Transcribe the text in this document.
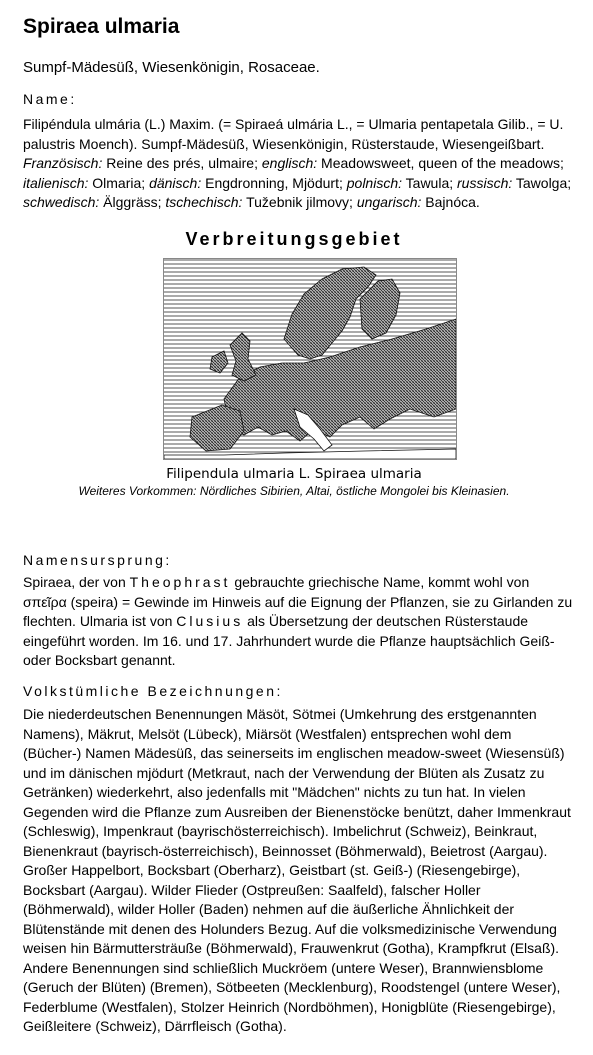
Spiraea ulmaria
Sumpf-Mädesüß, Wiesenkönigin, Rosaceae.
Name:

Filipéndula ulmária (L.) Maxim. (= Spiraeá ulmária L., = Ulmaria pentapetala Gilib., = U. palustris Moench). Sumpf-Mädesüß, Wiesenkönigin, Rüsterstaude, Wiesengeißbart.
Französisch: Reine des prés, ulmaire; englisch: Meadowsweet, queen of the meadows; italienisch: Olmaria; dänisch: Engdronning, Mjödurt; polnisch: Tawula; russisch: Tawolga; schwedisch: Älggräss; tschechisch: Tužebnik jilmovy; ungarisch: Bajnóca.

Verbreitungsgebiet
Filipendula ulmaria L. Spiraea ulmaria
Weiteres Vorkommen: Nördliches Sibirien, Altai, östliche Mongolei bis Kleinasien.
Namensursprung:

Spiraea, der von Theophrast gebrauchte griechische Name, kommt wohl von σπεῖρα (speira) = Gewinde im Hinweis auf die Eignung der Pflanzen, sie zu Girlanden zu flechten. Ulmaria ist von Clusius als Übersetzung der deutschen Rüsterstaude eingeführt worden. Im 16. und 17. Jahrhundert wurde die Pflanze hauptsächlich Geiß- oder Bocksbart genannt.

Volkstümliche Bezeichnungen:

Die niederdeutschen Benennungen Mäsöt, Sötmei (Umkehrung des erstgenannten Namens), Mäkrut, Melsöt (Lübeck), Miärsöt (Westfalen) entsprechen wohl dem (Bücher-) Namen Mädesüß, das seinerseits im englischen meadow-sweet (Wiesensüß) und im dänischen mjödurt (Metkraut, nach der Verwendung der Blüten als Zusatz zu Getränken) wiederkehrt, also jedenfalls mit "Mädchen" nichts zu tun hat. In vielen Gegenden wird die Pflanze zum Ausreiben der Bienenstöcke benützt, daher Immenkraut (Schleswig), Impenkraut (bayrischösterreichisch). Imbelichrut (Schweiz), Beinkraut, Bienenkraut (bayrisch-österreichisch), Beinnosset (Böhmerwald), Beietrost (Aargau). Großer Happelbort, Bocksbart (Oberharz), Geistbart (st. Geiß-) (Riesengebirge), Bocksbart (Aargau). Wilder Flieder (Ostpreußen: Saalfeld), falscher Holler (Böhmerwald), wilder Holler (Baden) nehmen auf die äußerliche Ähnlichkeit der Blütenstände mit denen des Holunders Bezug. Auf die volksmedizinische Verwendung weisen hin Bärmuttersträuße (Böhmerwald), Frauwenkrut (Gotha), Krampfkrut (Elsaß). Andere Benennungen sind schließlich Muckröem (untere Weser), Brannwiensblome (Geruch der Blüten) (Bremen), Sötbeeten (Mecklenburg), Roodstengel (untere Weser), Federblume (Westfalen), Stolzer Heinrich (Nordböhmen), Honigblüte (Riesengebirge), Geißleitere (Schweiz), Därrfleisch (Gotha).
